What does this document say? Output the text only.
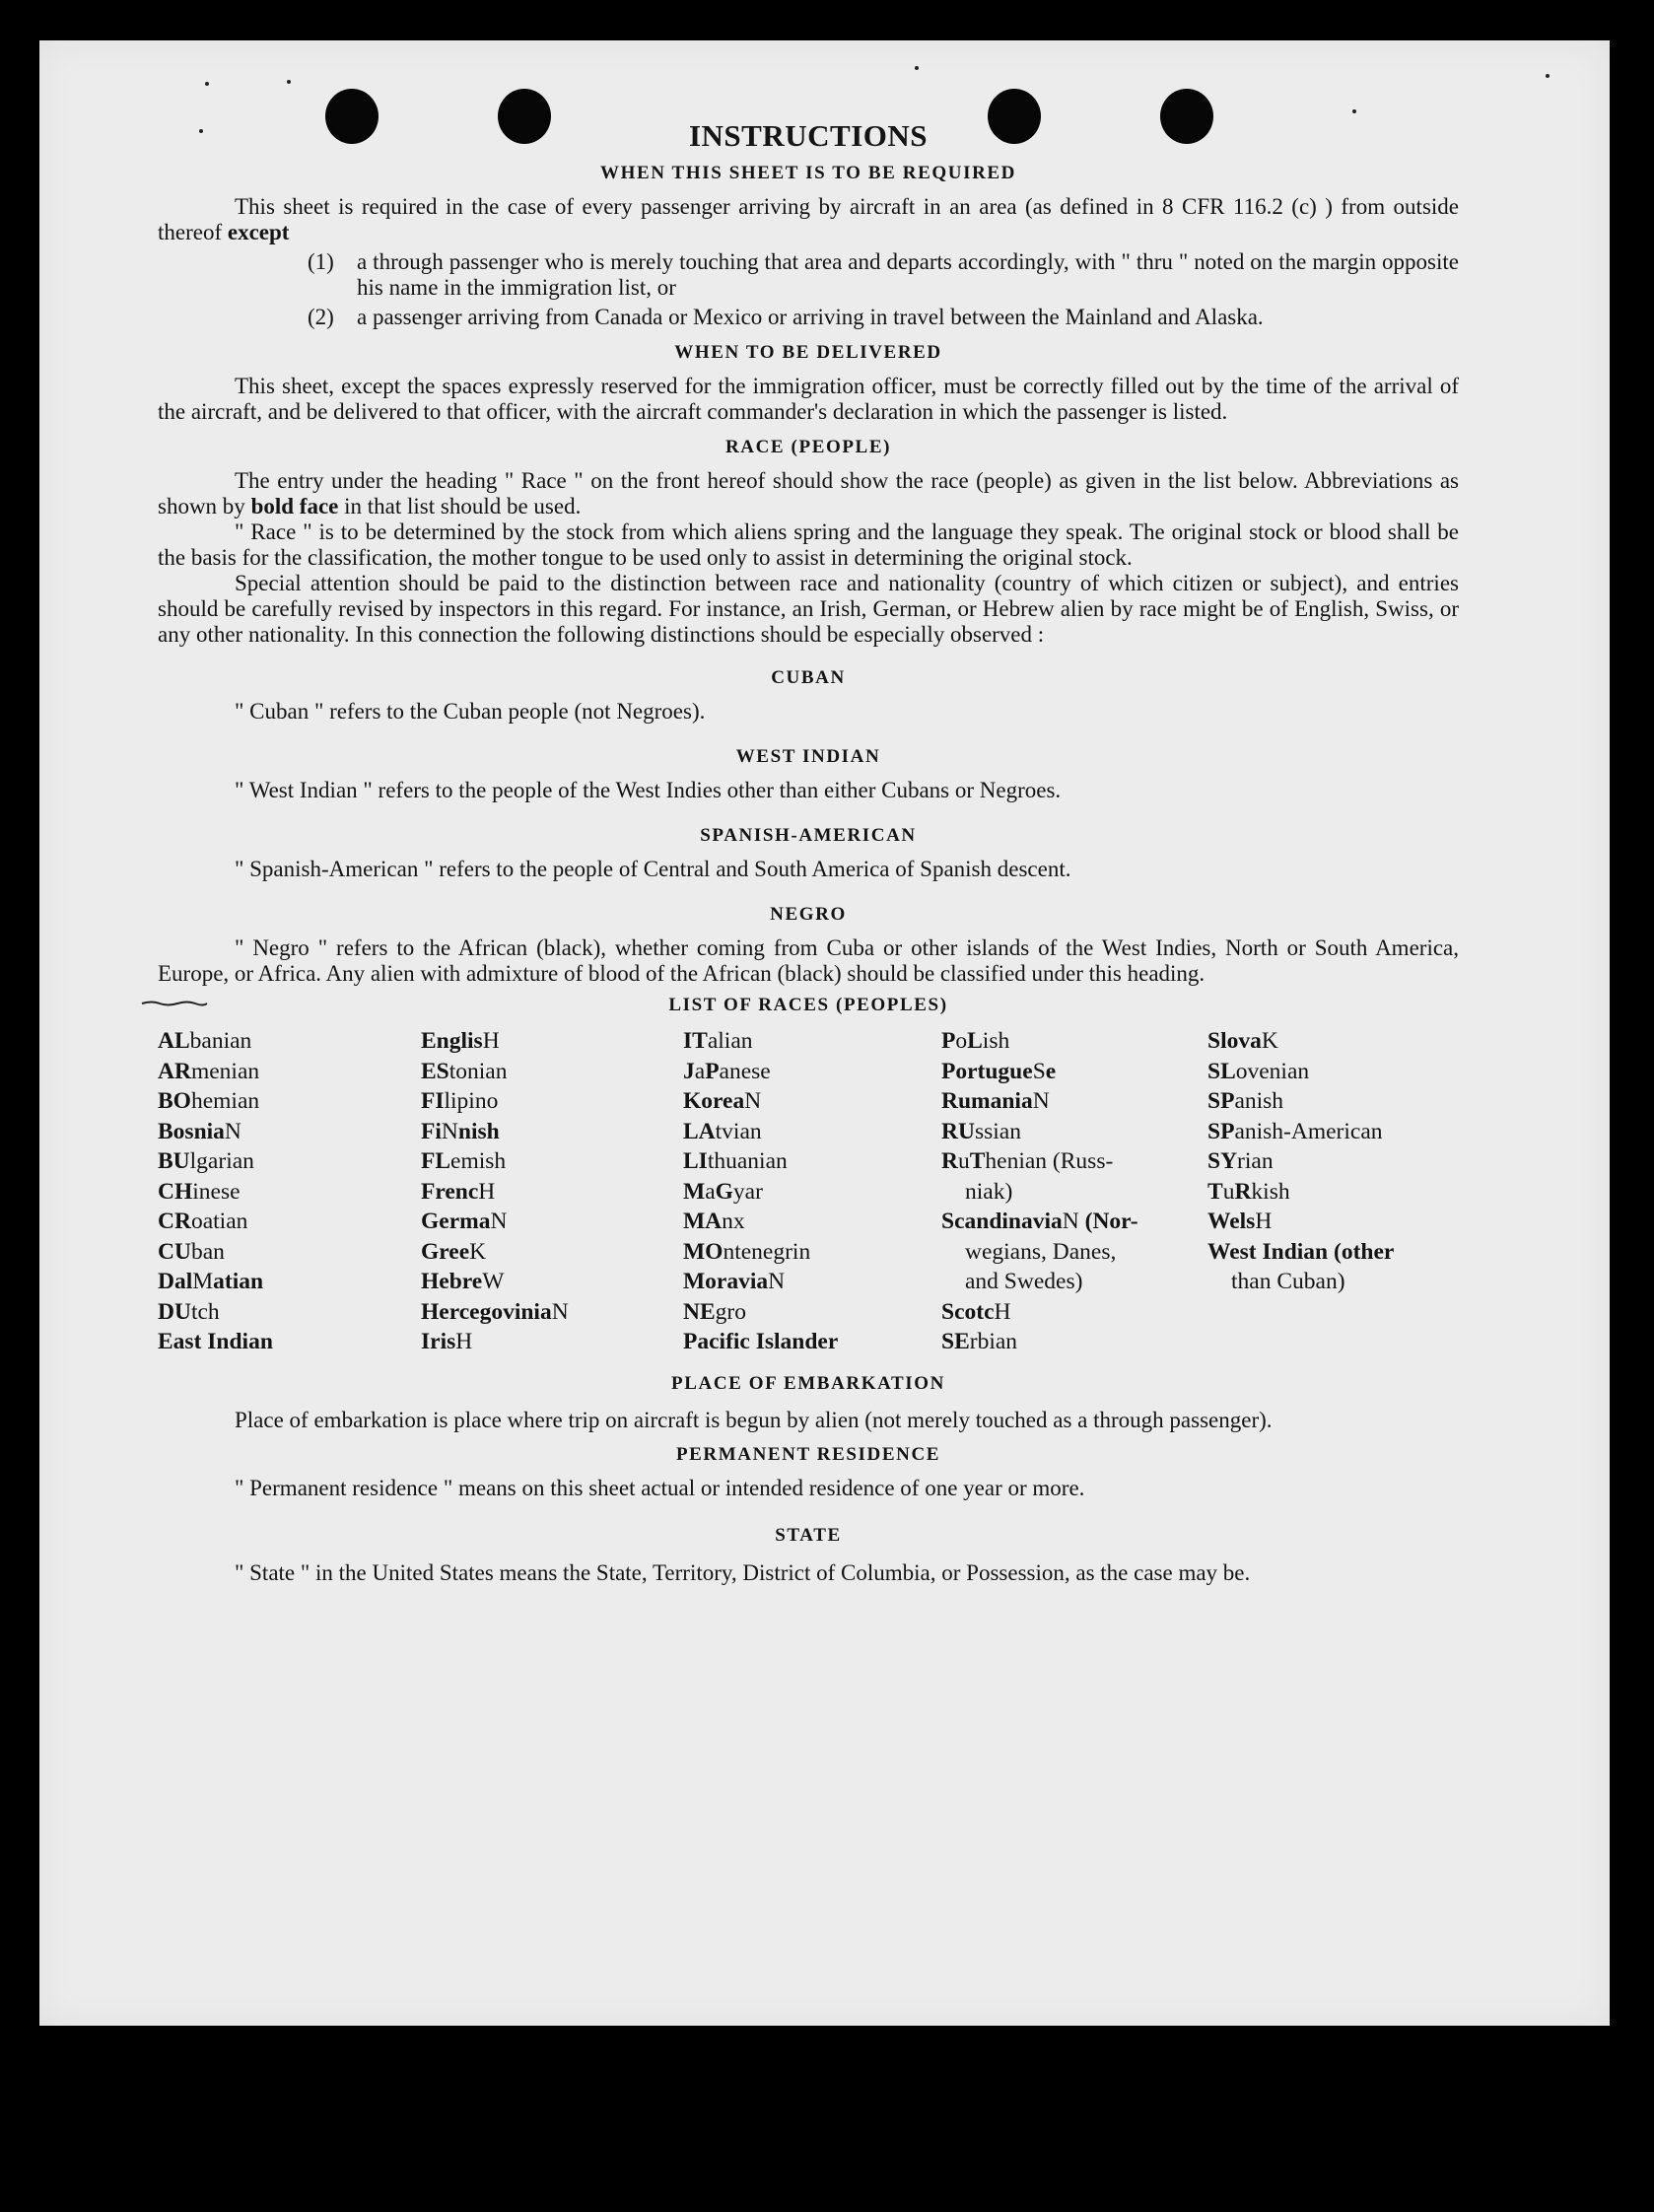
INSTRUCTIONS
WHEN THIS SHEET IS TO BE REQUIRED

This sheet is required in the case of every passenger arriving by aircraft in an area (as defined in 8 CFR 116.2 (c) ) from outside thereof except

(1)	a through passenger who is merely touching that area and departs accordingly, with " thru " noted on the margin opposite his name in the immigration list, or
(2)	a passenger arriving from Canada or Mexico or arriving in travel between the Mainland and Alaska.
WHEN TO BE DELIVERED

This sheet, except the spaces expressly reserved for the immigration officer, must be correctly filled out by the time of the arrival of the aircraft, and be delivered to that officer, with the aircraft commander's declaration in which the passenger is listed.

RACE (PEOPLE)

The entry under the heading " Race " on the front hereof should show the race (people) as given in the list below. Abbreviations as shown by bold face in that list should be used.

" Race " is to be determined by the stock from which aliens spring and the language they speak. The original stock or blood shall be the basis for the classification, the mother tongue to be used only to assist in determining the original stock.

Special attention should be paid to the distinction between race and nationality (country of which citizen or subject), and entries should be carefully revised by inspectors in this regard. For instance, an Irish, German, or Hebrew alien by race might be of English, Swiss, or any other nationality. In this connection the following distinctions should be especially observed :

CUBAN
" Cuban " refers to the Cuban people (not Negroes).
WEST INDIAN
" West Indian " refers to the people of the West Indies other than either Cubans or Negroes.
SPANISH-AMERICAN
" Spanish-American " refers to the people of Central and South America of Spanish descent.
NEGRO

" Negro " refers to the African (black), whether coming from Cuba or other islands of the West Indies, North or South America, Europe, or Africa. Any alien with admixture of blood of the African (black) should be classified under this heading.

LIST OF RACES (PEOPLES)
ALbanian
ARmenian
BOhemian
BosniaN
BUlgarian
CHinese
CRoatian
CUban
DalMatian
DUtch
East Indian
EnglisH
EStonian
FIlipino
FiNnish
FLemish
FrencH
GermaN
GreeK
HebreW
HercegoviniaN
IrisH
ITalian
JaPanese
KoreaN
LAtvian
LIthuanian
MaGyar
MAnx
MOntenegrin
MoraviaN
NEgro
Pacific Islander
PoLish
PortugueSe
RumaniaN
RUssian
RuThenian (Russ-
niak)
ScandinaviaN (Nor-
wegians, Danes,
and Swedes)
ScotcH
SErbian
SlovaK
SLovenian
SPanish
SPanish-American
SYrian
TuRkish
WelsH
West Indian (other
than Cuban)
PLACE OF EMBARKATION

Place of embarkation is place where trip on aircraft is begun by alien (not merely touched as a through passenger).

PERMANENT RESIDENCE
" Permanent residence " means on this sheet actual or intended residence of one year or more.
STATE

" State " in the United States means the State, Territory, District of Columbia, or Possession, as the case may be.
